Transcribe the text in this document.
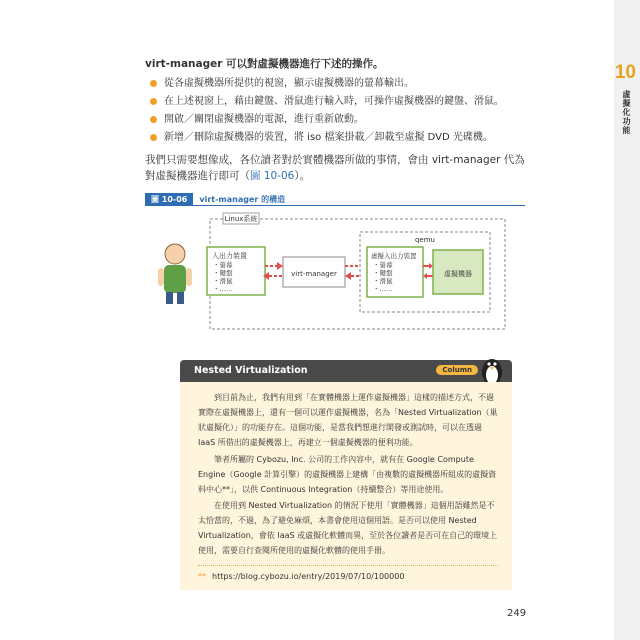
10
虛擬化功能

virt-manager 可以對虛擬機器進行下述的操作。

從各虛擬機器所提供的視窗，顯示虛擬機器的螢幕輸出。
在上述視窗上，藉由鍵盤、滑鼠進行輸入時，可操作虛擬機器的鍵盤、滑鼠。
開啟／關閉虛擬機器的電源，進行重新啟動。
新增／刪除虛擬機器的裝置，將 iso 檔案掛載／卸載至虛擬 DVD 光碟機。

我們只需要想像成，各位讀者對於實體機器所做的事情，會由 virt-manager 代為對虛擬機器進行即可（圖 10-06）。

圖 10-06	virt-manager 的構造
Linux系統
入出力裝置
・螢幕
・鍵盤
・滑鼠
・……
virt-manager
qemu
虛擬入出力裝置
・螢幕
・鍵盤
・滑鼠
・……
虛擬機器
Nested Virtualization	Column

　　到目前為止，我們有用到「在實體機器上運作虛擬機器」這樣的描述方式，不過實際在虛擬機器上，還有一個可以運作虛擬機器，名為「Nested Virtualization（巢狀虛擬化）」的功能存在。這個功能，是當我們想進行開發或測試時，可以在透過 IaaS 所借出的虛擬機器上，再建立一個虛擬機器的便利功能。

　　筆者所屬的 Cybozu, Inc. 公司的工作內容中，就有在 Google Compute Engine（Google 計算引擎）的虛擬機器上建構「由複數的虛擬機器所組成的虛擬資料中心**」，以供 Continuous Integration（持續整合）等用途使用。

　　在使用到 Nested Virtualization 的情況下使用「實體機器」這個用語雖然是不太恰當的，不過，為了避免麻煩，本書會使用這個用語。是否可以使用 Nested Virtualization，會依 IaaS 或虛擬化軟體而異，至於各位讀者是否可在自己的環境上使用，需要自行查閱所使用的虛擬化軟體的使用手冊。

** https://blog.cybozu.io/entry/2019/07/10/100000
249
